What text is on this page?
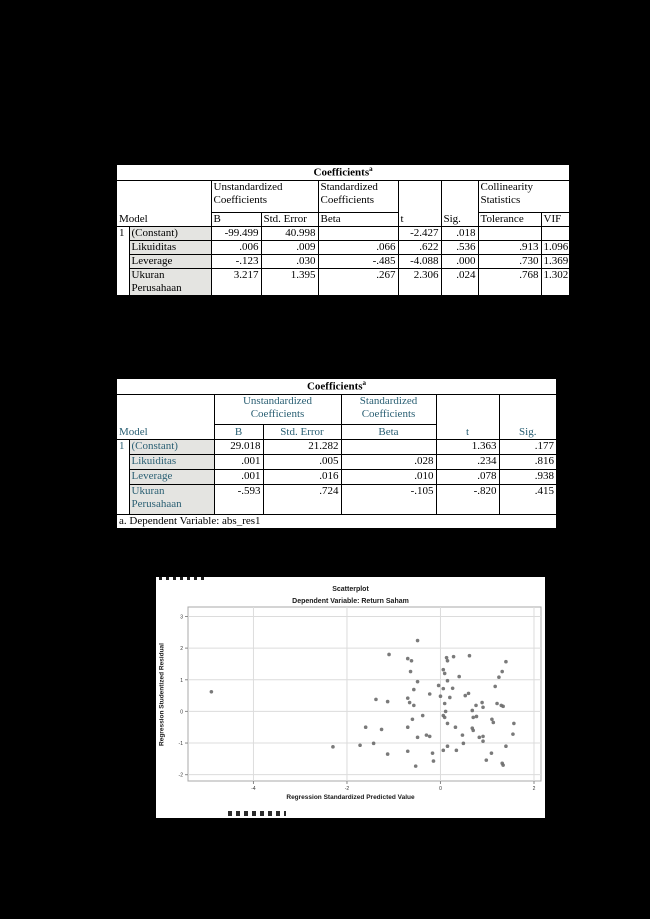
Coefficients$^a$
Model		Unstandardized Coefficients		Standardized Coefficients	t	Sig.	Collinearity Statistics	
		B	Std. Error	Beta			Tolerance	VIF
1	(Constant)	-99.499	40.998		-2.427	.018		
	Likuiditas	.006	.009	.066	.622	.536	.913	1.096
	Leverage	-.123	.030	-.485	-4.088	.000	.730	1.369
	Ukuran Perusahaan	3.217	1.395	.267	2.306	.024	.768	1.302
Coefficients$^a$
Model		Unstandardized Coefficients		Standardized Coefficients	t	Sig.
		B	Std. Error	Beta		
1	(Constant)	29.018	21.282		1.363	.177
	Likuiditas	.001	.005	.028	.234	.816
	Leverage	.001	.016	.010	.078	.938
	Ukuran Perusahaan	-.593	.724	-.105	-.820	.415
a. Dependent Variable: abs_res1						
Scatterplot
Dependent Variable: Return Saham
Regression Studentized Residual
-4	-2	0	2
3
2
1
0
-1
-2
Regression Standardized Predicted Value
